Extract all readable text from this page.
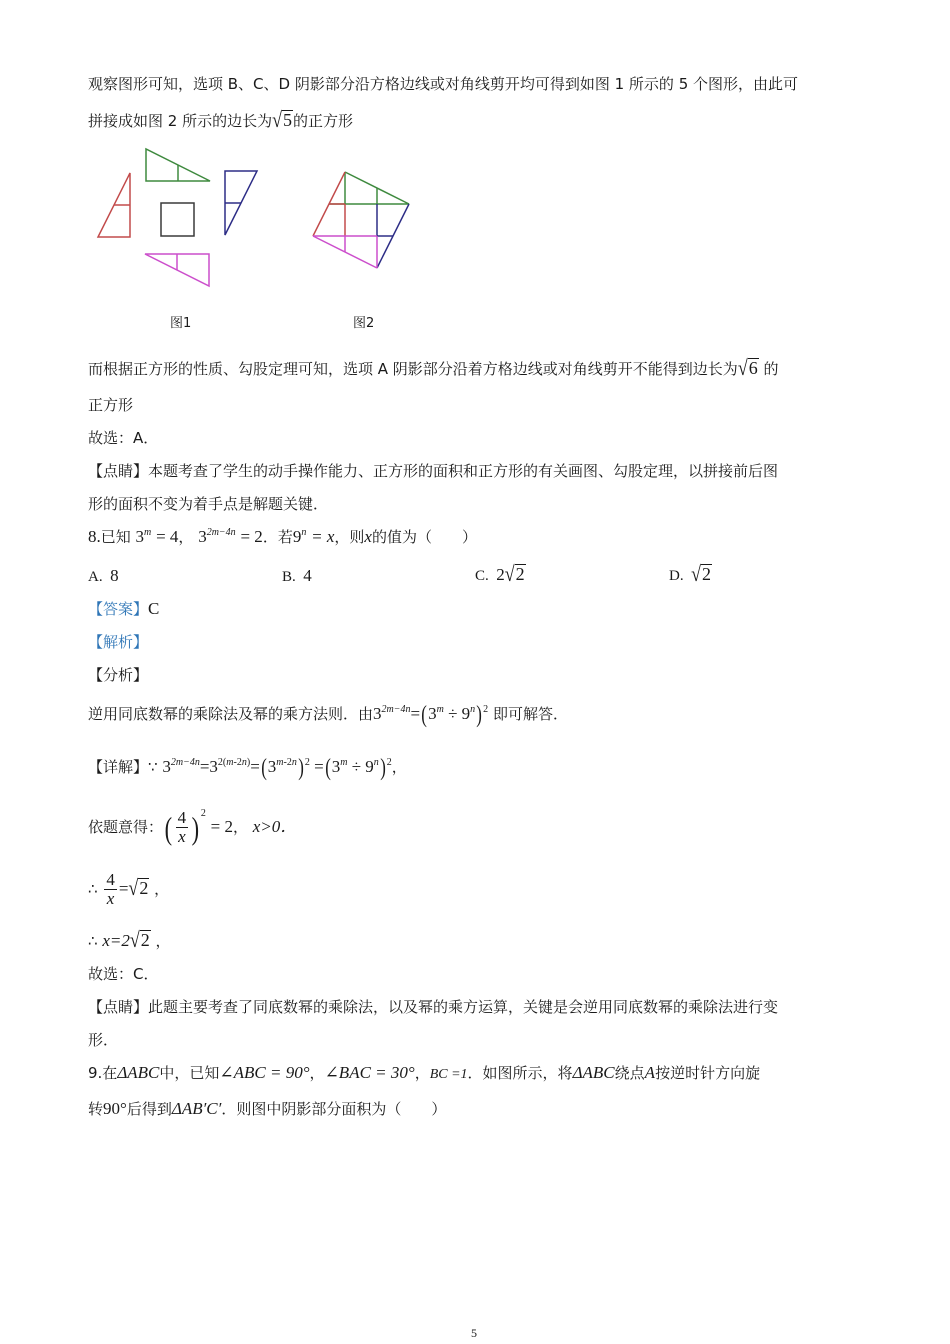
观察图形可知，选项 B、C、D 阴影部分沿方格边线或对角线剪开均可得到如图 1 所示的 5 个图形，由此可
拼接成如图 2 所示的边长为√5的正方形
图1	图2
而根据正方形的性质、勾股定理可知，选项 A 阴影部分沿着方格边线或对角线剪开不能得到边长为√6 的
正方形
故选：A．
【点睛】本题考查了学生的动手操作能力、正方形的面积和正方形的有关画图、勾股定理，以拼接前后图
形的面积不变为着手点是解题关键．
8.已知 $3^m = 4$， $3^{2m-4n} = 2$．若$9^n = x$，则x的值为（　　）
A. 8	B. 4	C. 2√2	D. √2
【答案】C
【解析】
【分析】
逆用同底数幂的乘除法及幂的乘方法则．由$3^{2m-4n}=(3^m \div 9^n)^2$ 即可解答．
【详解】∵ $3^{2m-4n}=3^{2(m-2n)}=(3^{m-2n})^2 =(3^m \div 9^n)^2$，
依题意得：( $\frac{4}{x}$ ) $^2$ = 2， x>0．
∴ $\frac{4}{x} =√2$ ，
∴ x=2√2 ，
故选：C．
【点睛】此题主要考查了同底数幂的乘除法，以及幂的乘方运算，关键是会逆用同底数幂的乘除法进行变
形．
9.在ΔABC中，已知∠ABC = 90°，∠BAC = 30°，BC =1．如图所示，将ΔABC绕点A按逆时针方向旋
转90°后得到ΔAB′C′．则图中阴影部分面积为（　　）
5
